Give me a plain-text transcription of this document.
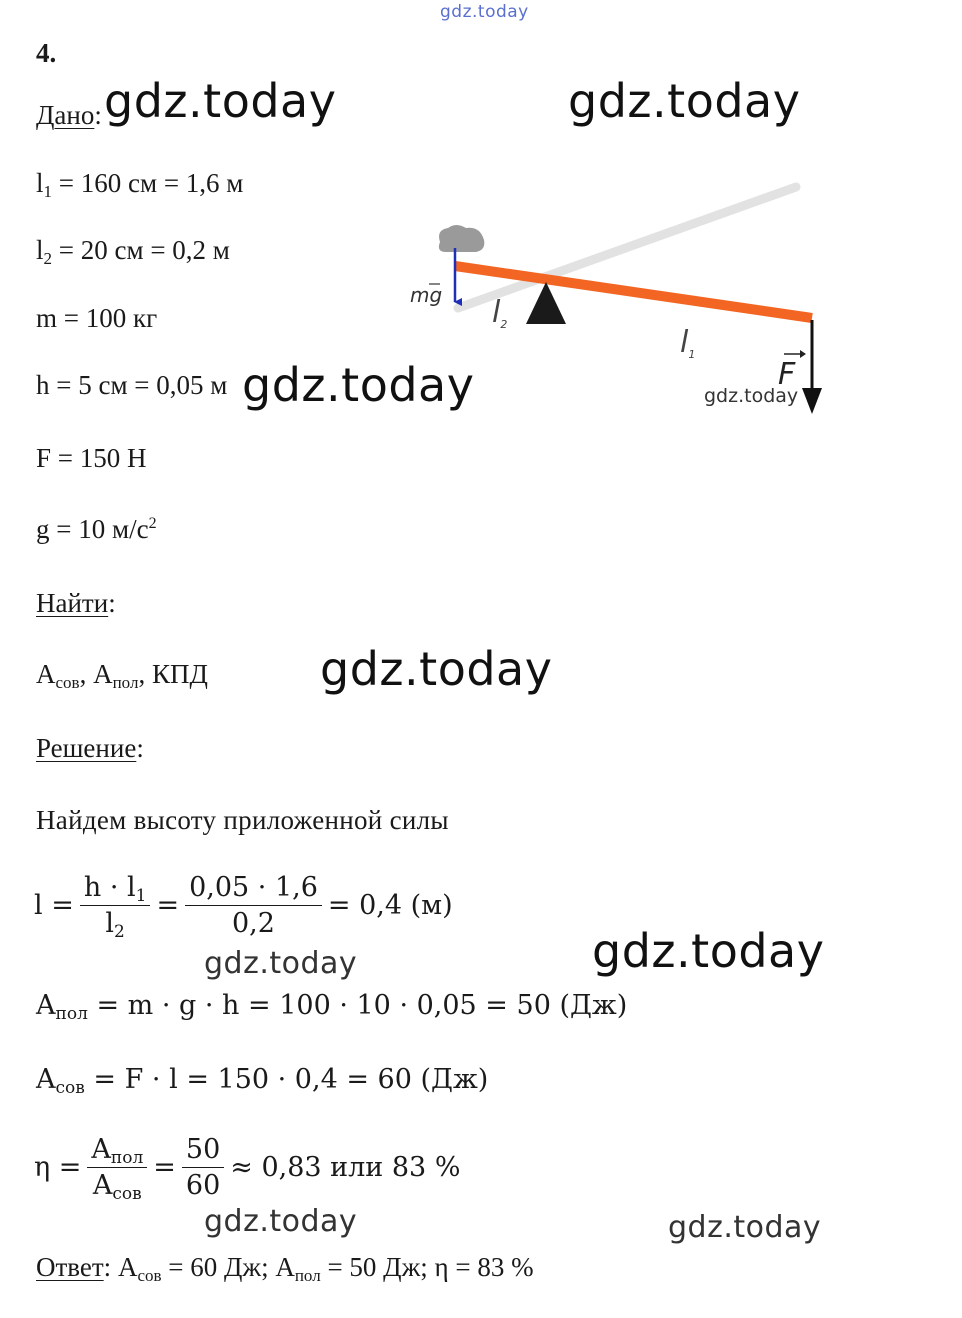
gdz.today
4.
Дано: gdz.today	gdz.today
$l_1 = 160$ см = 1,6 м
$l_2 = 20$ см = 0,2 м
m = 100 кг
h = 5 см = 0,05 м gdz.today
F = 150 Н
g = 10 $м/с^2$
Найти:
$A_{сов}$, $A_{пол}$, КПД gdz.today
Решение:
Найдем высоту приложенной силы
$l = \frac{h \cdot l_1}{l_2} = \frac{0,05 \cdot 1,6}{0,2} = 0,4$ (м)
gdz.today	gdz.today
$A_{пол} = m \cdot g \cdot h = 100 \cdot 10 \cdot 0,05 = 50$ (Дж)
$A_{сов} = F \cdot l = 150 \cdot 0,4 = 60$ (Дж)
$\eta = \frac{A_{пол}}{A_{сов}} = \frac{50}{60} \approx 0,83$ или 83 %
gdz.today	gdz.today
Ответ: $A_{сов} = 60$ Дж; $A_{пол} = 50$ Дж; η = 83 %
mg $l_2$
$l_1$
F
gdz.today
